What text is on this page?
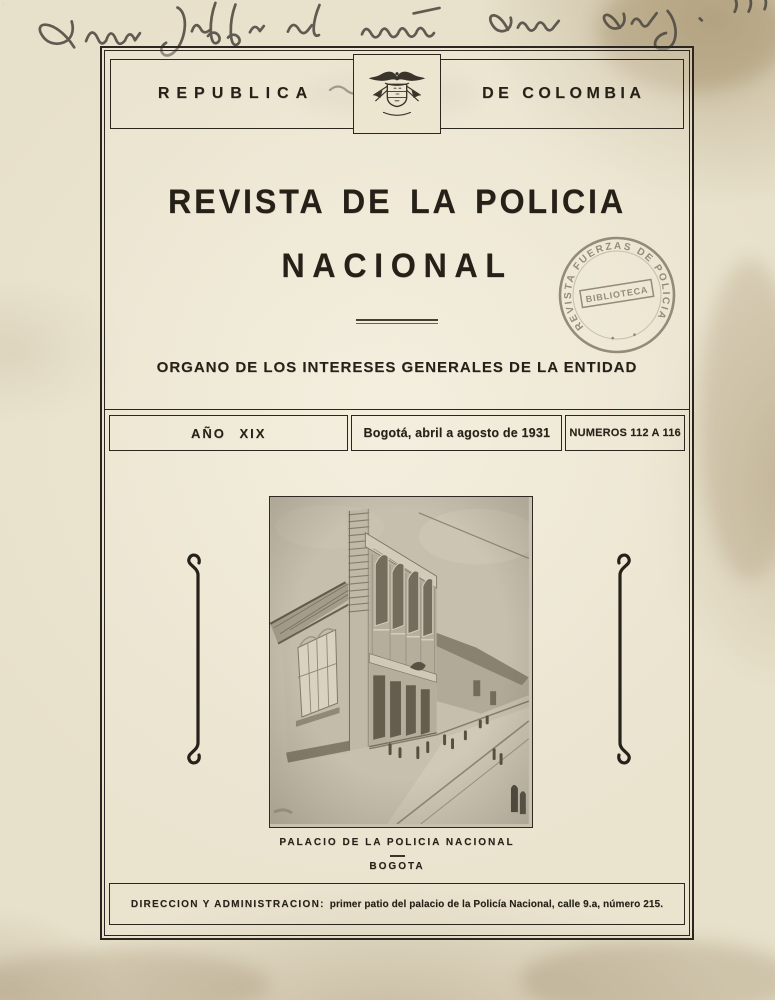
REPUBLICA	DE COLOMBIA
REVISTA DE LA POLICIA
NACIONAL
REVISTA FUERZAS DE POLICIA
BIBLIOTECA
ORGANO DE LOS INTERESES GENERALES DE LA ENTIDAD
AÑO XIX	Bogotá, abril a agosto de 1931	NUMEROS 112 A 116
PALACIO DE LA POLICIA NACIONAL
BOGOTA
DIRECCION Y ADMINISTRACION: primer patio del palacio de la Policía Nacional, calle 9.a, número 215.
